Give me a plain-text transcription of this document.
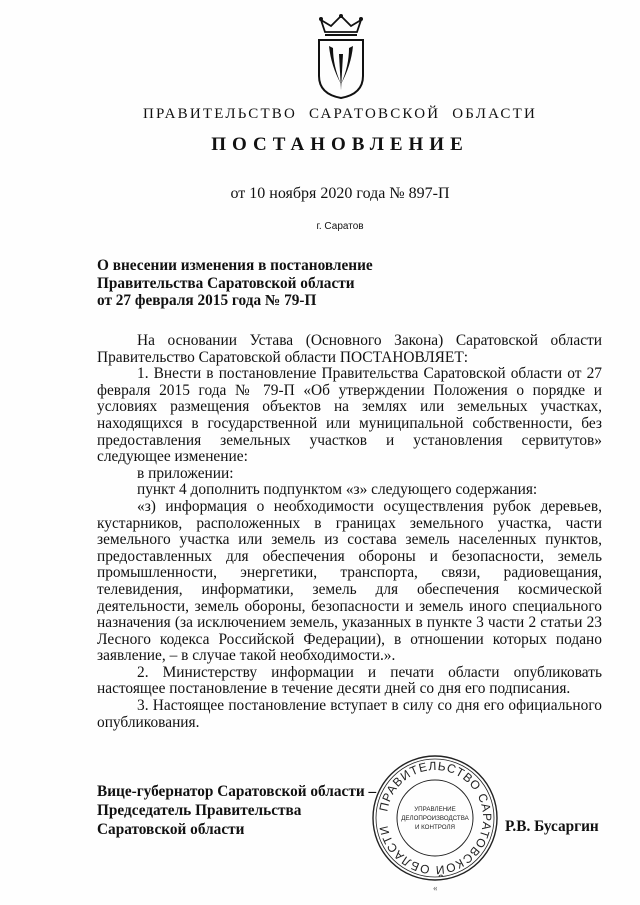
ПРАВИТЕЛЬСТВО САРАТОВСКОЙ ОБЛАСТИ
ПОСТАНОВЛЕНИЕ
от 10 ноября 2020 года № 897-П
г. Саратов
О внесении изменения в постановление
Правительства Саратовской области
от 27 февраля 2015 года № 79-П

На основании Устава (Основного Закона) Саратовской области Правительство Саратовской области ПОСТАНОВЛЯЕТ:

1. Внести в постановление Правительства Саратовской области от 27 февраля 2015 года № 79-П «Об утверждении Положения о порядке и условиях размещения объектов на землях или земельных участках, находящихся в государственной или муниципальной собственности, без предоставления земельных участков и установления сервитутов» следующее изменение:

в приложении:

пункт 4 дополнить подпунктом «з» следующего содержания:

«з) информация о необходимости осуществления рубок деревьев, кустарников, расположенных в границах земельного участка, части земельного участка или земель из состава земель населенных пунктов, предоставленных для обеспечения обороны и безопасности, земель промышленности, энергетики, транспорта, связи, радиовещания, телевидения, информатики, земель для обеспечения космической деятельности, земель обороны, безопасности и земель иного специального назначения (за исключением земель, указанных в пункте 3 части 2 статьи 23 Лесного кодекса Российской Федерации), в отношении которых подано заявление, – в случае такой необходимости.».

2. Министерству информации и печати области опубликовать настоящее постановление в течение десяти дней со дня его подписания.

3. Настоящее постановление вступает в силу со дня его официального опубликования.

Вице-губернатор Саратовской области –
Председатель Правительства
Саратовской области
ПРАВИТЕЛЬСТВО САРАТОВСКОЙ ОБЛАСТИ
УПРАВЛЕНИЕ
ДЕЛОПРОИЗВОДСТВА
И КОНТРОЛЯ	Р.В. Бусаргин
«
